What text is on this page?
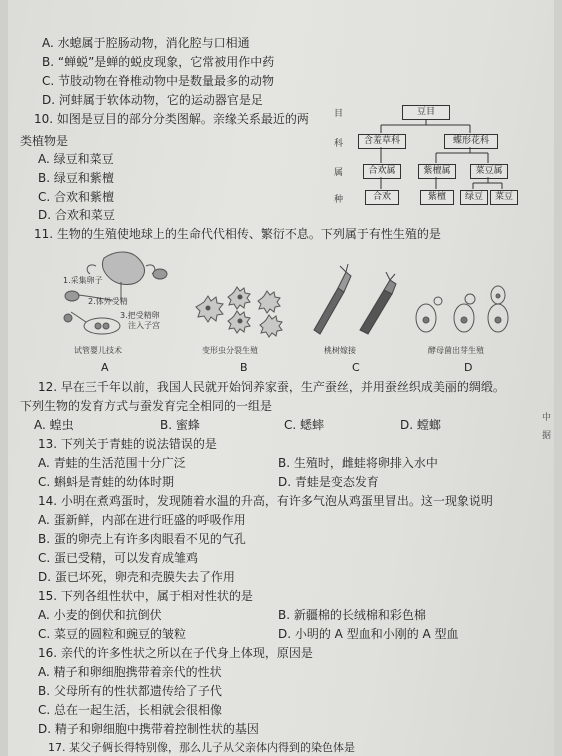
A. 水螅属于腔肠动物，消化腔与口相通
B. “蝉蜕”是蝉的蜕皮现象，它常被用作中药
C. 节肢动物在脊椎动物中是数量最多的动物
D. 河蚌属于软体动物，它的运动器官是足
10. 如图是豆目的部分分类图解。亲缘关系最近的两
类植物是
A. 绿豆和菜豆
B. 绿豆和紫檀
C. 合欢和紫檀
D. 合欢和菜豆
目
科
属
种
豆目
含羞草科	蝶形花科
合欢属	紫檀属	菜豆属
合欢	紫檀	绿豆	菜豆
11. 生物的生殖使地球上的生命代代相传、繁衍不息。下列属于有性生殖的是
1.采集卵子
2.体外受精
3.把受精卵
注入子宫
试管婴儿技术	变形虫分裂生殖	桃树嫁接	酵母菌出芽生殖
A	B	C	D
12. 早在三千年以前，我国人民就开始饲养家蚕，生产蚕丝，并用蚕丝织成美丽的绸缎。
下列生物的发育方式与蚕发育完全相同的一组是
A. 蝗虫	B. 蜜蜂	C. 蟋蟀	D. 螳螂
13. 下列关于青蛙的说法错误的是
A. 青蛙的生活范围十分广泛	B. 生殖时，雌蛙将卵排入水中
C. 蝌蚪是青蛙的幼体时期	D. 青蛙是变态发育
14. 小明在煮鸡蛋时，发现随着水温的升高，有许多气泡从鸡蛋里冒出。这一现象说明
A. 蛋新鲜，内部在进行旺盛的呼吸作用
B. 蛋的卵壳上有许多肉眼看不见的气孔
C. 蛋已受精，可以发育成雏鸡
D. 蛋已坏死，卵壳和壳膜失去了作用
15. 下列各组性状中，属于相对性状的是
A. 小麦的倒伏和抗倒伏	B. 新疆棉的长绒棉和彩色棉
C. 菜豆的圆粒和豌豆的皱粒	D. 小明的 A 型血和小刚的 A 型血
16. 亲代的许多性状之所以在子代身上体现，原因是
A. 精子和卵细胞携带着亲代的性状
B. 父母所有的性状都遗传给了子代
C. 总在一起生活，长相就会很相像
D. 精子和卵细胞中携带着控制性状的基因
17. 某父子俩长得特别像，那么儿子从父亲体内得到的染色体是
中
据
